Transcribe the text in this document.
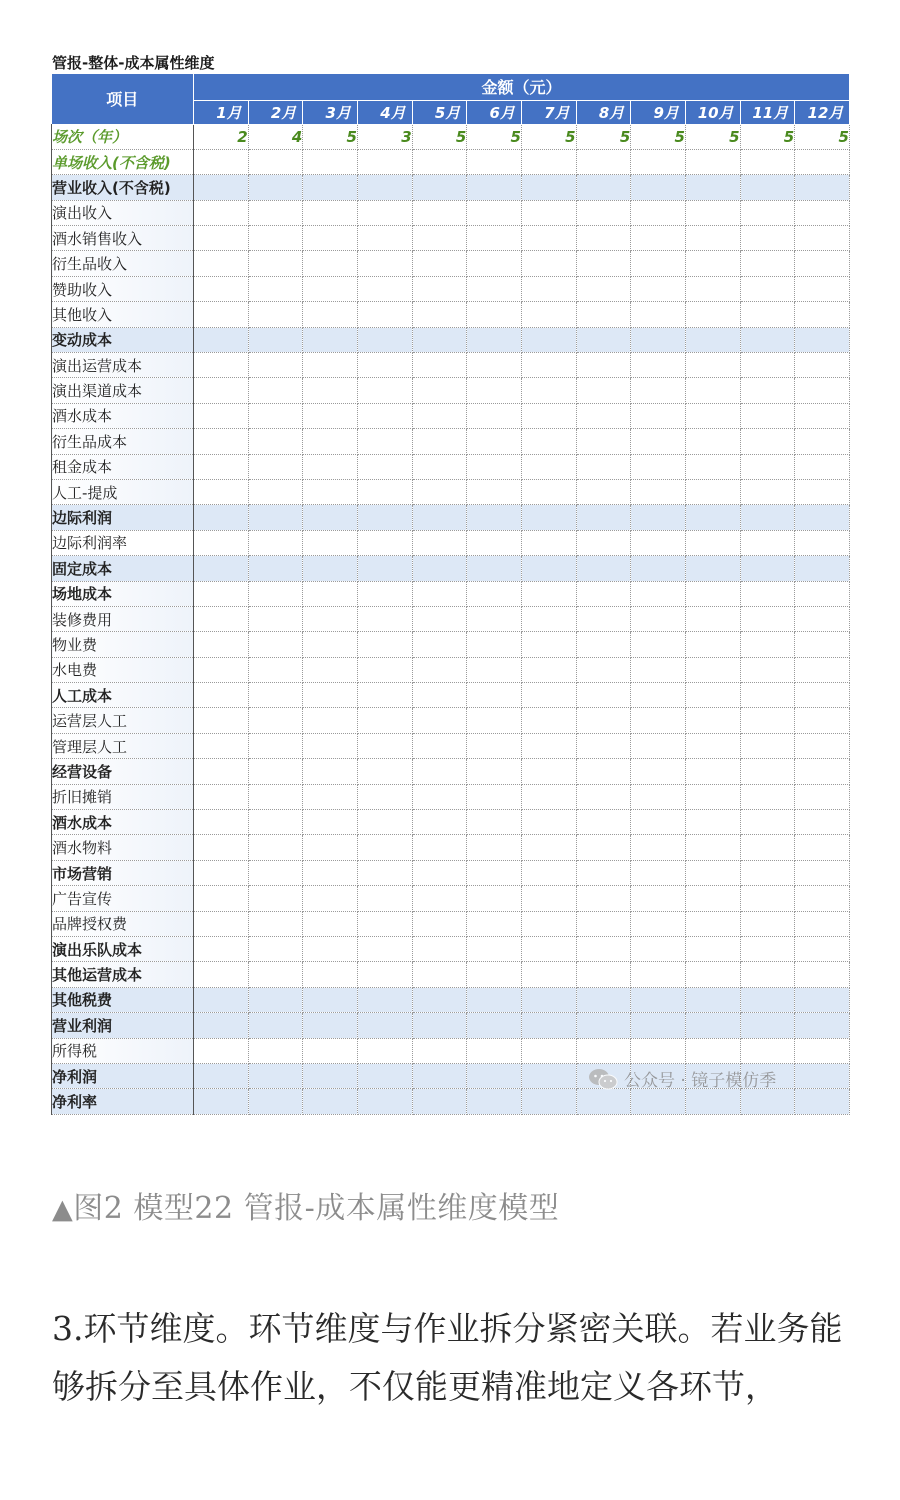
管报-整体-成本属性维度
项目	金额（元）											
	1月	2月	3月	4月	5月	6月	7月	8月	9月	10月	11月	12月
场次（年）	2	4	5	3	5	5	5	5	5	5	5	5
单场收入(不含税)												
营业收入(不含税)												
演出收入												
酒水销售收入												
衍生品收入												
赞助收入												
其他收入												
变动成本												
演出运营成本												
演出渠道成本												
酒水成本												
衍生品成本												
租金成本												
人工-提成												
边际利润												
边际利润率												
固定成本												
场地成本												
装修费用												
物业费												
水电费												
人工成本												
运营层人工												
管理层人工												
经营设备												
折旧摊销												
酒水成本												
酒水物料												
市场营销												
广告宣传												
品牌授权费												
演出乐队成本												
其他运营成本												
其他税费												
营业利润												
所得税												
净利润												
净利率												
公众号 · 镜子模仿季
▲图2 模型22 管报-成本属性维度模型

3.环节维度。环节维度与作业拆分紧密关联。若业务能够拆分至具体作业，不仅能更精准地定义各环节，
